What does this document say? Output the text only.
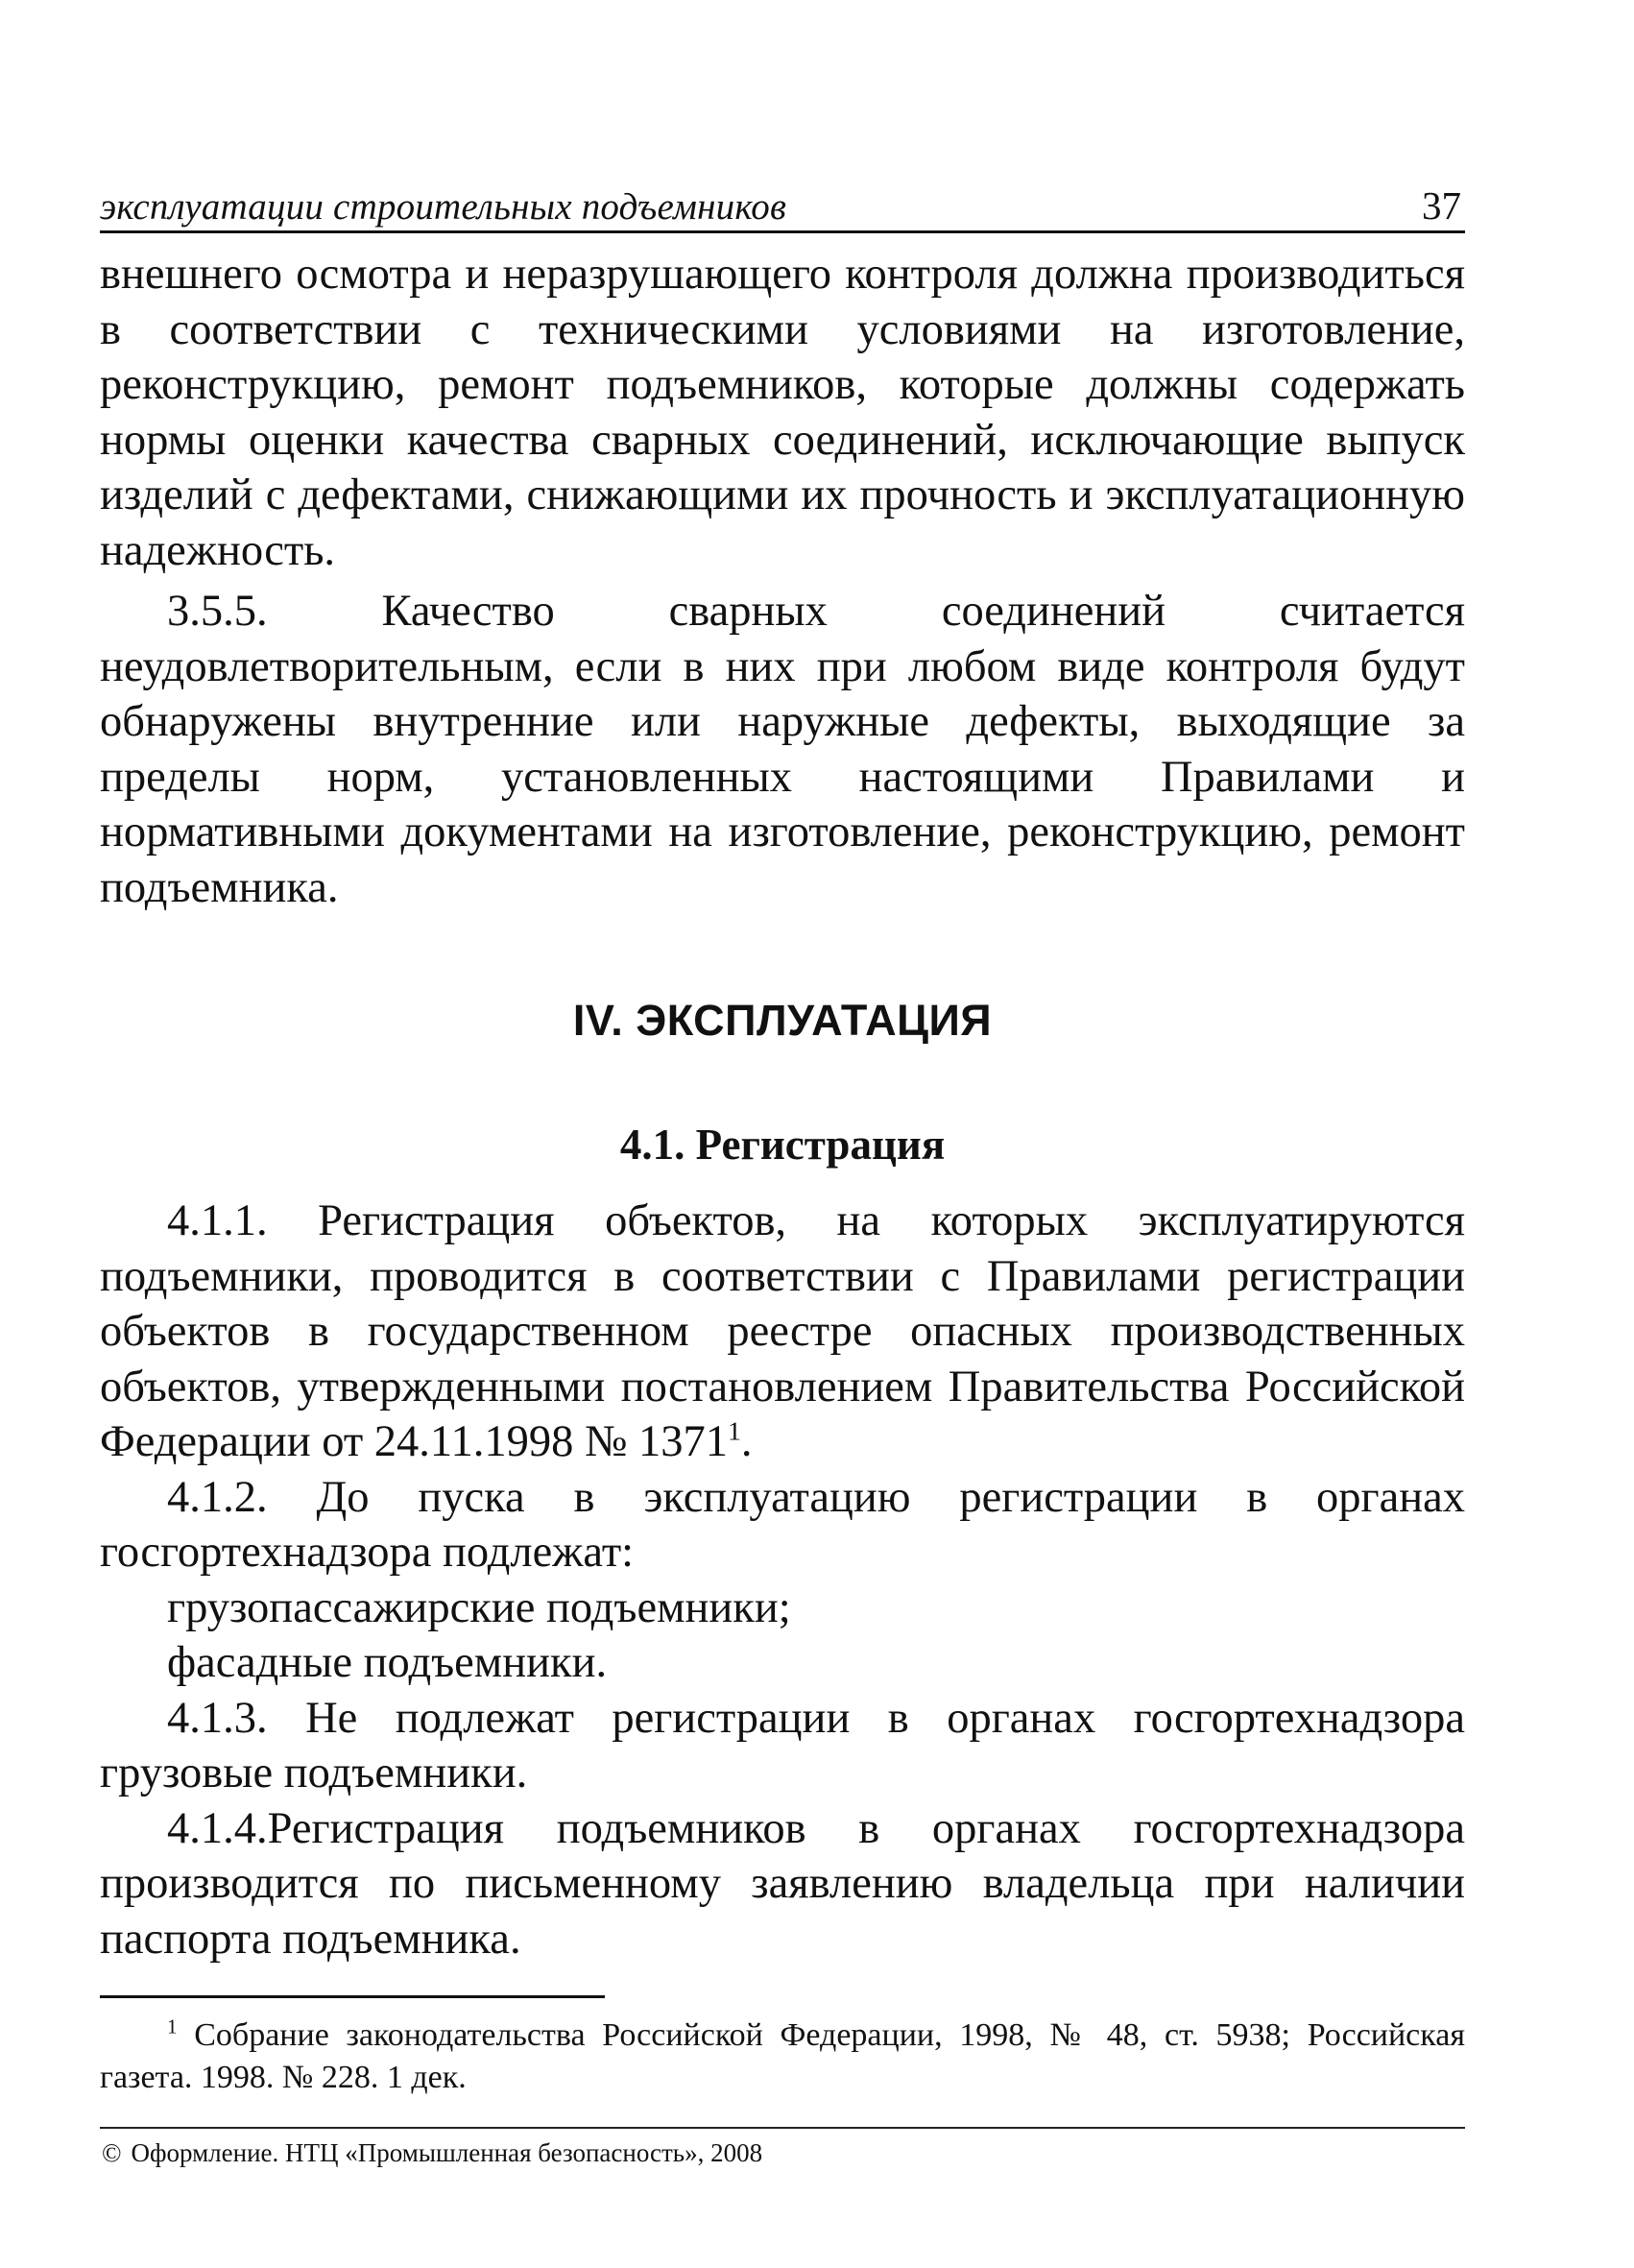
эксплуатации строительных подъемников	37

внешнего осмотра и неразрушающего контроля должна производиться в соответствии с техническими условиями на изготовление, реконструкцию, ремонт подъемников, которые должны содержать нормы оценки качества сварных соединений, исключающие выпуск изделий с дефектами, снижающими их прочность и эксплуатационную надежность.

3.5.5. Качество сварных соединений считается неудовлетворительным, если в них при любом виде контроля будут обнаружены внутренние или наружные дефекты, выходящие за пределы норм, установленных настоящими Правилами и нормативными документами на изготовление, реконструкцию, ремонт подъемника.

IV. ЭКСПЛУАТАЦИЯ
4.1. Регистрация

4.1.1. Регистрация объектов, на которых эксплуатируются подъемники, проводится в соответствии с Правилами регистрации объектов в государственном реестре опасных производственных объектов, утвержденными постановлением Правительства Российской Федерации от 24.11.1998 № 1371$^1$.

4.1.2. До пуска в эксплуатацию регистрации в органах госгортехнадзора подлежат:

грузопассажирские подъемники;

фасадные подъемники.

4.1.3. Не подлежат регистрации в органах госгортехнадзора грузовые подъемники.

4.1.4.Регистрация подъемников в органах госгортехнадзора производится по письменному заявлению владельца при наличии паспорта подъемника.

$^1$ Собрание законодательства Российской Федерации, 1998, № 48, ст. 5938; Российская газета. 1998. № 228. 1 дек.

© Оформление. НТЦ «Промышленная безопасность», 2008
